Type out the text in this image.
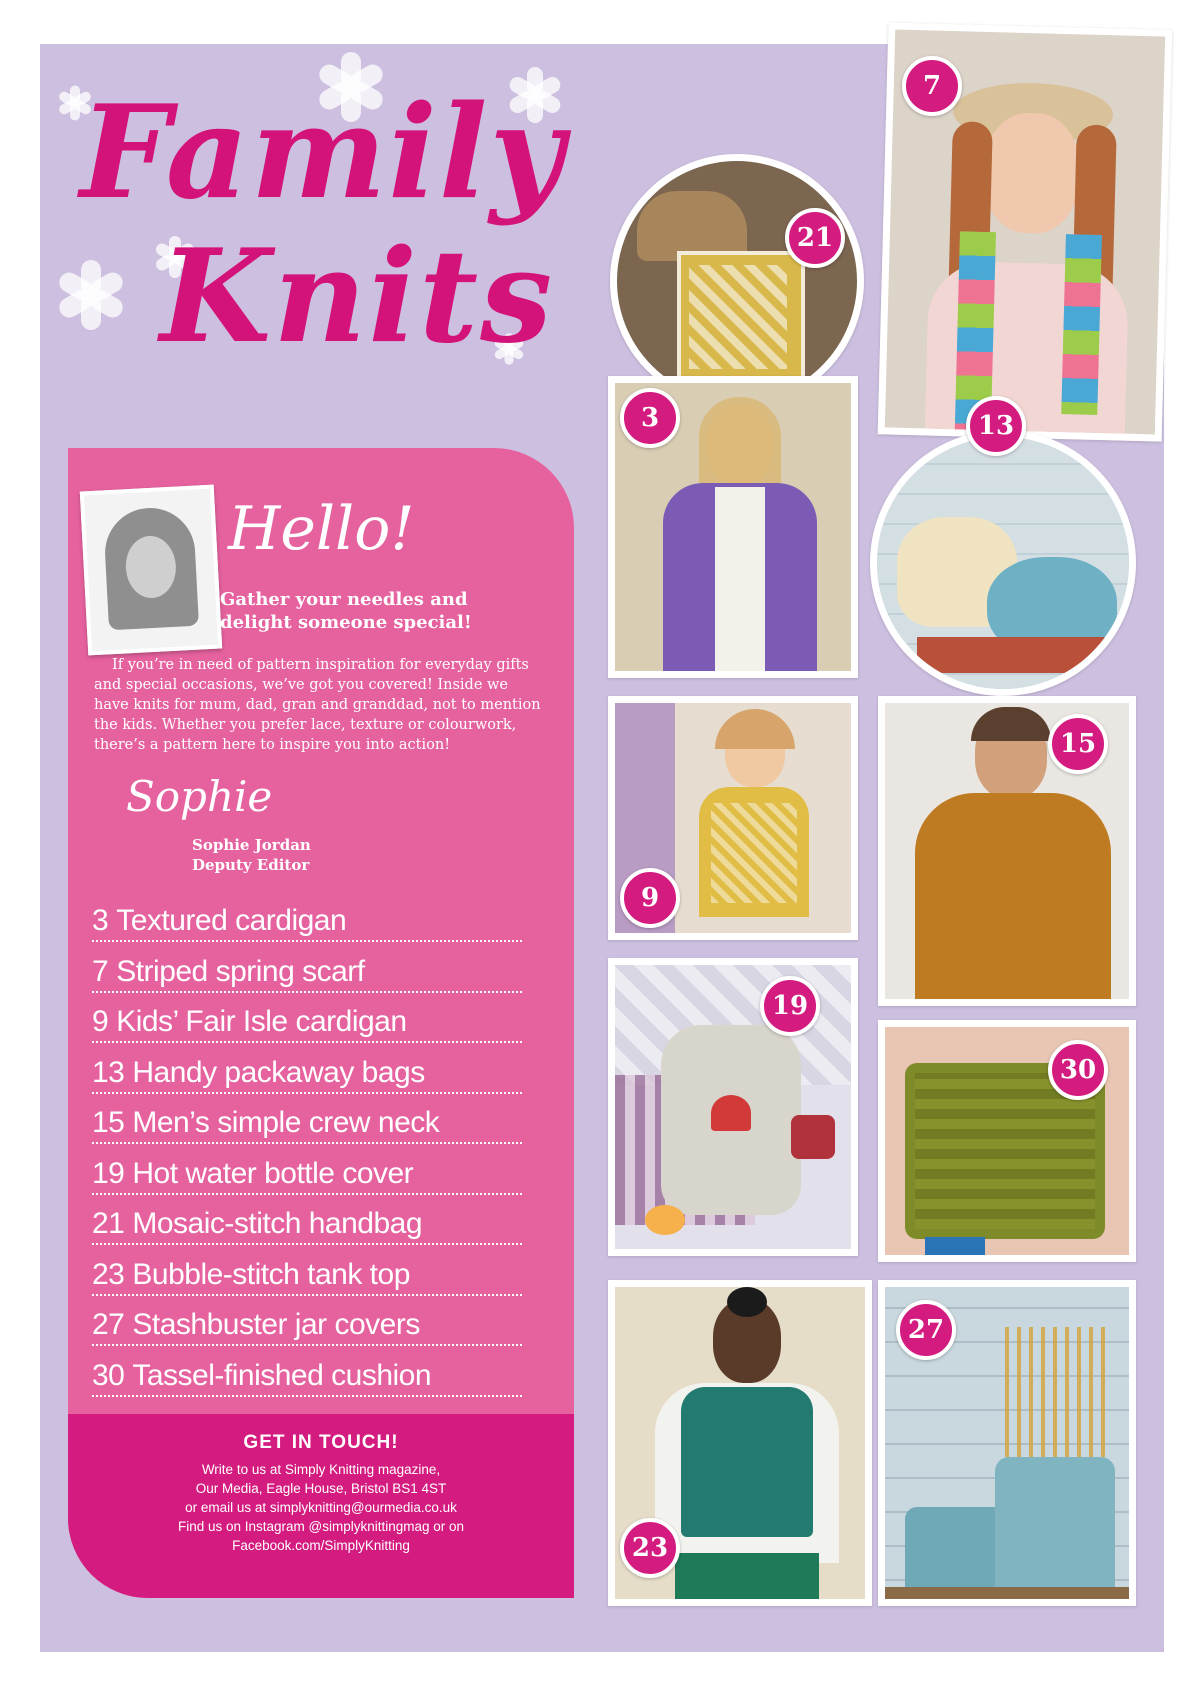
Family
Knits
Hello!
Gather your needles and delight someone special!
If you’re in need of pattern inspiration for everyday gifts and special occasions, we’ve got you covered! Inside we have knits for mum, dad, gran and granddad, not to mention the kids. Whether you prefer lace, texture or colourwork, there’s a pattern here to inspire you into action!
Sophie
Sophie Jordan
Deputy Editor
3 Textured cardigan
7 Striped spring scarf
9 Kids’ Fair Isle cardigan
13 Handy packaway bags
15 Men’s simple crew neck
19 Hot water bottle cover
21 Mosaic-stitch handbag
23 Bubble-stitch tank top
27 Stashbuster jar covers
30 Tassel-finished cushion
GET IN TOUCH!
Write to us at Simply Knitting magazine,
Our Media, Eagle House, Bristol BS1 4ST
or email us at simplyknitting@ourmedia.co.uk
Find us on Instagram @simplyknittingmag or on
Facebook.com/SimplyKnitting
21
7
3	13
9
15
19
30
23
27
